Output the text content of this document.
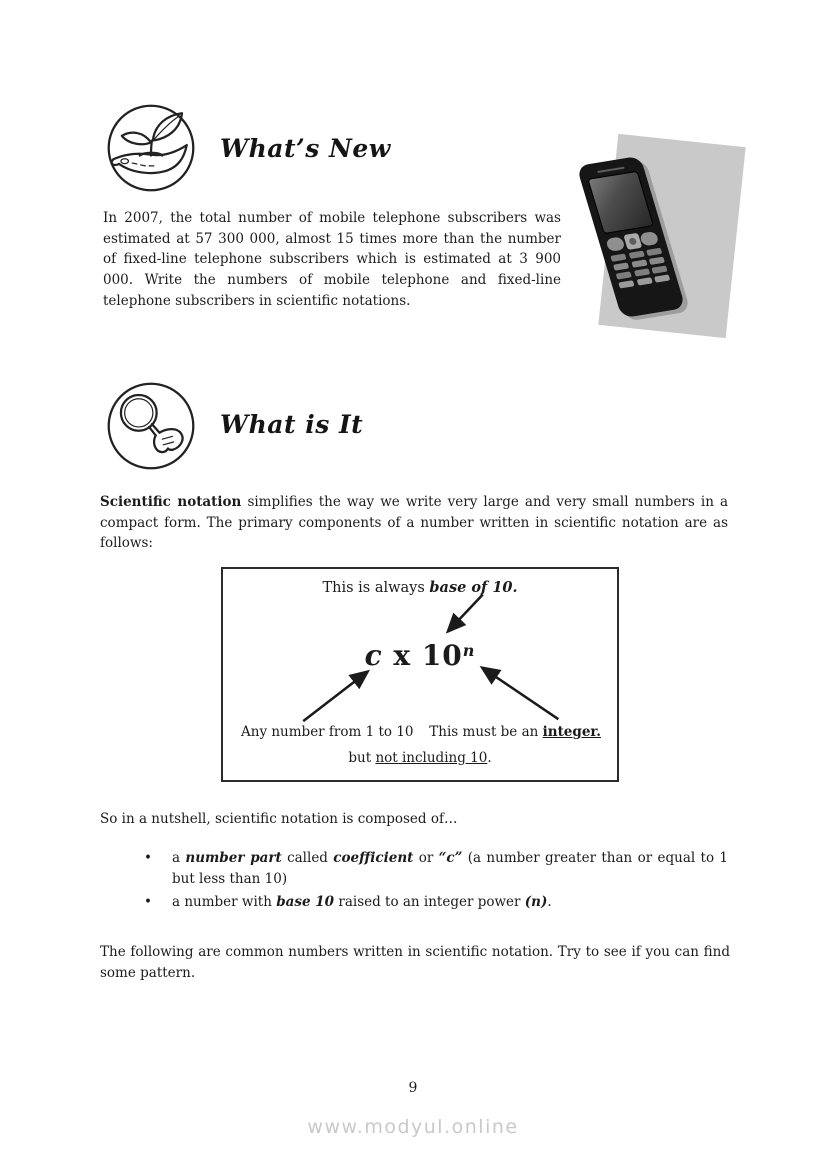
What’s New
In 2007, the total number of mobile telephone subscribers was estimated at 57 300 000, almost 15 times more than the number of fixed-line telephone subscribers which is estimated at 3 900 000. Write the numbers of mobile telephone and fixed-line telephone subscribers in scientific notations.
What is It
Scientific notation simplifies the way we write very large and very small numbers in a compact form. The primary components of a number written in scientific notation are as follows:
This is always base of 10.
c x 10$^n$
Any number from 1 to 10 This must be an integer.
but not including 10.
So in a nutshell, scientific notation is composed of…
• a number part called coefficient or “c” (a number greater than or equal to 1 but less than 10)
• a number with base 10 raised to an integer power (n).
The following are common numbers written in scientific notation. Try to see if you can find some pattern.
9
www.modyul.online
